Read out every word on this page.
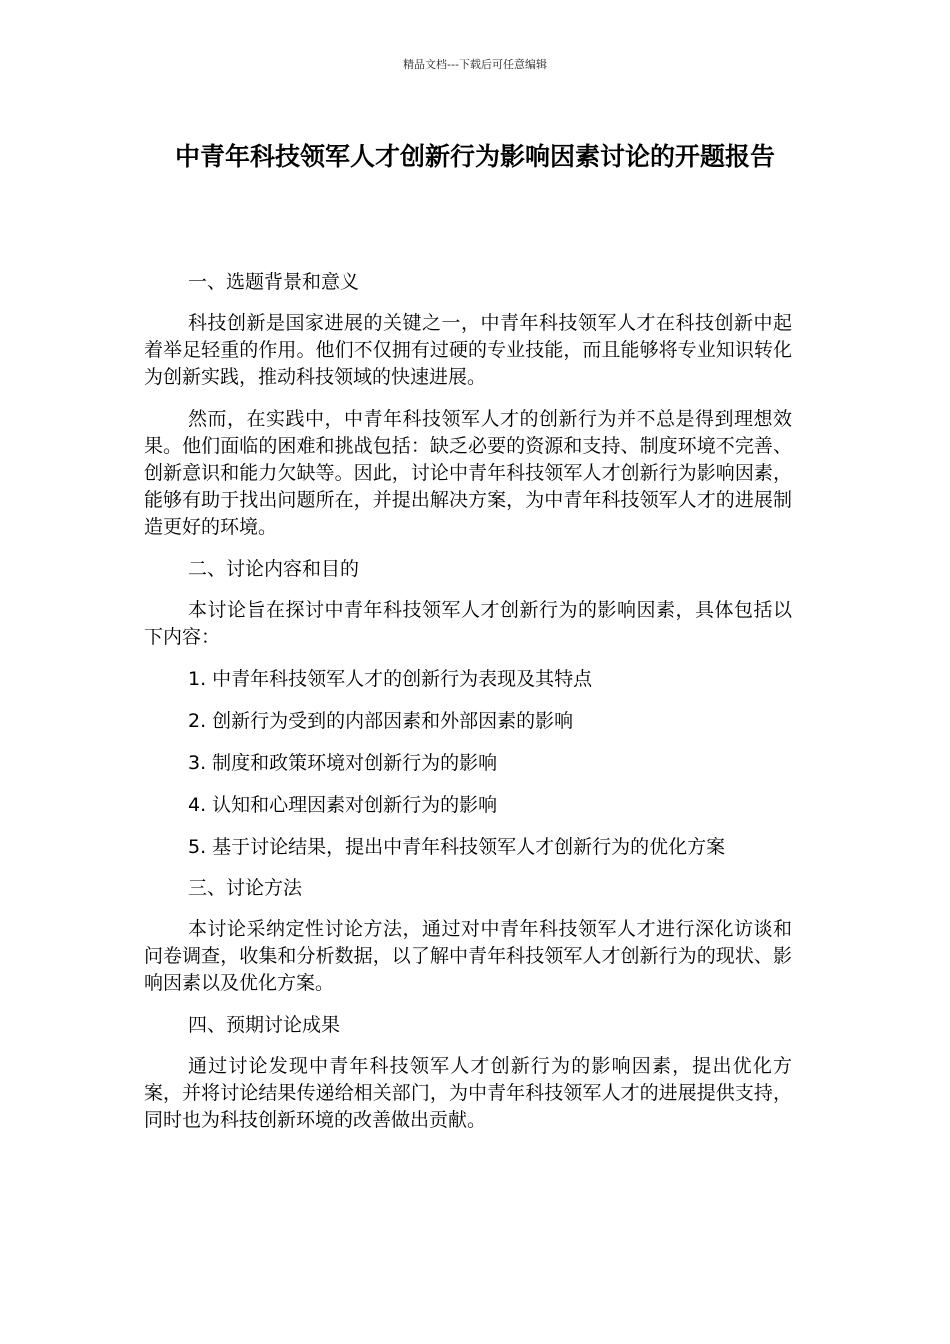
精品文档---下载后可任意编辑
中青年科技领军人才创新行为影响因素讨论的开题报告

一、选题背景和意义

科技创新是国家进展的关键之一，中青年科技领军人才在科技创新中起着举足轻重的作用。他们不仅拥有过硬的专业技能，而且能够将专业知识转化为创新实践，推动科技领域的快速进展。

然而，在实践中，中青年科技领军人才的创新行为并不总是得到理想效果。他们面临的困难和挑战包括：缺乏必要的资源和支持、制度环境不完善、创新意识和能力欠缺等。因此，讨论中青年科技领军人才创新行为影响因素，能够有助于找出问题所在，并提出解决方案，为中青年科技领军人才的进展制造更好的环境。

二、讨论内容和目的

本讨论旨在探讨中青年科技领军人才创新行为的影响因素，具体包括以下内容：

1. 中青年科技领军人才的创新行为表现及其特点

2. 创新行为受到的内部因素和外部因素的影响

3. 制度和政策环境对创新行为的影响

4. 认知和心理因素对创新行为的影响

5. 基于讨论结果，提出中青年科技领军人才创新行为的优化方案

三、讨论方法

本讨论采纳定性讨论方法，通过对中青年科技领军人才进行深化访谈和问卷调查，收集和分析数据，以了解中青年科技领军人才创新行为的现状、影响因素以及优化方案。

四、预期讨论成果

通过讨论发现中青年科技领军人才创新行为的影响因素，提出优化方案，并将讨论结果传递给相关部门，为中青年科技领军人才的进展提供支持，同时也为科技创新环境的改善做出贡献。
